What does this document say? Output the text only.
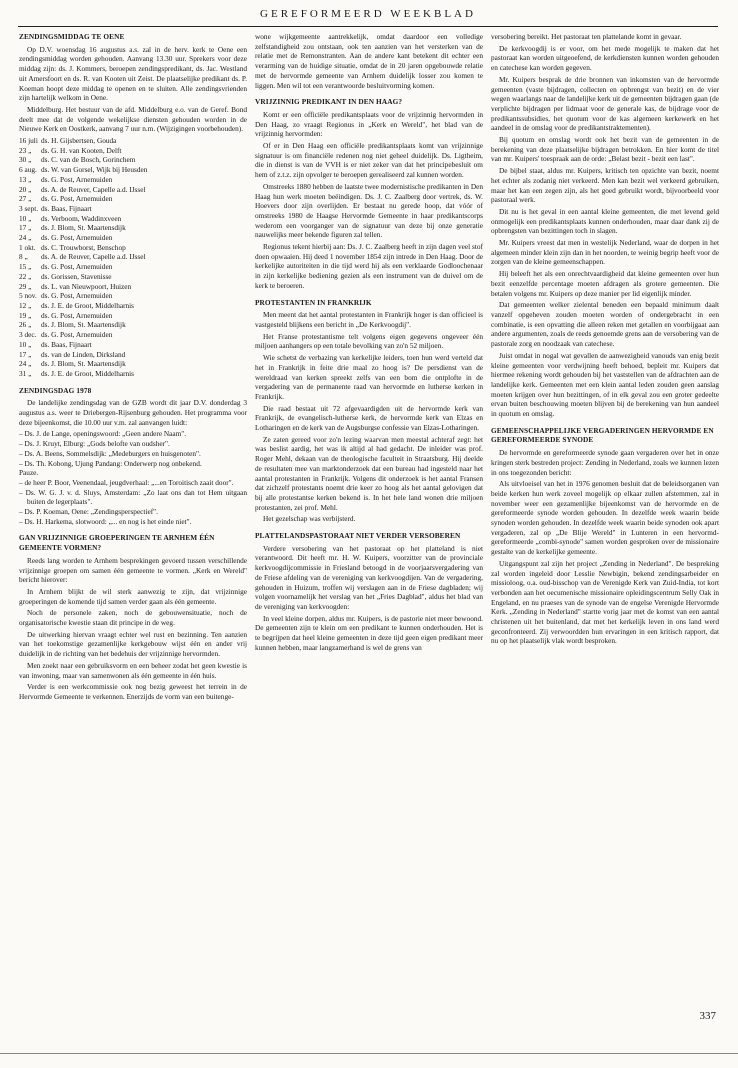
GEREFORMEERD WEEKBLAD
ZENDINGSMIDDAG TE OENE

Op D.V. woensdag 16 augustus a.s. zal in de herv. kerk te Oene een zendingsmiddag worden gehouden. Aanvang 13.30 uur. Sprekers voor deze middag zijn: ds. J. Kommers, beroepen zendingspredikant, ds. Jac. Westland uit Amersfoort en ds. R. van Kooten uit Zeist. De plaatselijke predikant ds. P. Koeman hoopt deze middag te openen en te sluiten. Alle zendingsvrienden zijn hartelijk welkom in Oene.

Middelburg. Het bestuur van de afd. Middelburg e.o. van de Geref. Bond deelt mee dat de volgende wekelijkse diensten gehouden worden in de Nieuwe Kerk en Oostkerk, aanvang 7 uur n.m. (Wijzigingen voorbehouden).

16 juli ds. H. Gijsbertsen, Gouda
23 „	ds. G. H. van Kooten, Delft
30 „	ds. C. van de Bosch, Gorinchem
6 aug. ds. W. van Gorsel, Wijk bij Heusden
13 „	ds. G. Post, Arnemuiden
20 „	ds. A. de Reuver, Capelle a.d. IJssel
27 „	ds. G. Post, Arnemuiden
3 sept. ds. Baas, Fijnaart
10 „	ds. Verboom, Waddinxveen
17 „	ds. J. Blom, St. Maartensdijk
24 „	ds. G. Post, Arnemuiden
1 okt. ds. C. Trouwborst, Benschop
8 „	ds. A. de Reuver, Capelle a.d. IJssel
15 „	ds. G. Post, Arnemuiden
22 „	ds. Gorissen, Stavenisse
29 „	ds. L. van Nieuwpoort, Huizen
5 nov. ds. G. Post, Arnemuiden
12 „	ds. J. E. de Groot, Middelharnis
19 „	ds. G. Post, Arnemuiden
26 „	ds. J. Blom, St. Maartensdijk
3 dec. ds. G. Post, Arnemuiden
10 „	ds. Baas, Fijnaart
17 „	ds. van de Linden, Dirksland
24 „	ds. J. Blom, St. Maartensdijk
31 „	ds. J. E. de Groot, Middelharnis
ZENDINGSDAG 1978

De landelijke zendingsdag van de GZB wordt dit jaar D.V. donderdag 3 augustus a.s. weer te Driebergen-Rijsenburg gehouden. Het programma voor deze bijeenkomst, die 10.00 uur v.m. zal aanvangen luidt:

– Ds. J. de Lange, openingswoord: „Geen andere Naam".
– Ds. J. Kruyt, Elburg: „Gods belofte van oudsher".
– Ds. A. Beens, Sommelsdijk: „Medeburgers en huisgenoten".
– Ds. Th. Kobong, Ujung Pandang: Onderwerp nog onbekend.
Pauze.
– de heer P. Boor, Veenendaal, jeugdverhaal: „...en Toroitisch zaait door".
– Ds. W. G. J. v. d. Sluys, Amsterdam: „Zo laat ons dan tot Hem uitgaan buiten de legerplaats".
– Ds. P. Koeman, Oene: „Zendingsperspectief".
– Ds. H. Harkema, slotwoord: „... en nog is het einde niet".
GAN VRIJZINNIGE GROEPERINGEN TE ARNHEM ÉÉN GEMEENTE VORMEN?

Reeds lang worden te Arnhem besprekingen gevoerd tussen verschillende vrijzinnige groepen om samen één gemeente te vormen. „Kerk en Wereld" bericht hierover:

In Arnhem blijkt de wil sterk aanwezig te zijn, dat vrijzinnige groeperingen de komende tijd samen verder gaan als één gemeente.

Noch de personele zaken, noch de gebouwensituatie, noch de organisatorische kwestie staan dit principe in de weg.

De uitwerking hiervan vraagt echter wel rust en bezinning. Ten aanzien van het toekomstige gezamenlijke kerkgebouw wijst één en ander vrij duidelijk in de richting van het bedehuis der vrijzinnige hervormden.

Men zoekt naar een gebruiksvorm en een beheer zodat het geen kwestie is van inwoning, maar van samenwonen als één gemeente in één huis.

Verder is een werkcommissie ook nog bezig geweest het terrein in de Hervormde Gemeente te verkennen. Enerzijds de vorm van een buitenge-

wone wijkgemeente aantrekkelijk, omdat daardoor een volledige zelfstandigheid zou ontstaan, ook ten aanzien van het versterken van de relatie met de Remonstranten. Aan de andere kant betekent dit echter een verarming van de huidige situatie, omdat de in 20 jaren opgebouwde relatie met de hervormde gemeente van Arnhem duidelijk losser zou komen te liggen. Men wil tot een verantwoorde besluitvorming komen.

VRIJZINNIG PREDIKANT IN DEN HAAG?

Komt er een officiële predikantsplaats voor de vrijzinnig hervormden in Den Haag, zo vraagt Regionus in „Kerk en Wereld", het blad van de vrijzinnig hervormden:

Of er in Den Haag een officiële predikantsplaats komt van vrijzinnige signatuur is om financiële redenen nog niet geheel duidelijk. Ds. Ligtheim, die in dienst is van de VVH is er niet zeker van dat het principebesluit om hem of z.t.z. zijn opvolger te beroepen gerealiseerd zal kunnen worden.

Omstreeks 1880 hebben de laatste twee modernistische predikanten in Den Haag hun werk moeten beëindigen. Ds. J. C. Zaalberg door vertrek, ds. W. Hoevers door zijn overlijden. Er bestaat nu gerede hoop, dat vóór of omstreeks 1980 de Haagse Hervormde Gemeente in haar predikantscorps wederom een voorganger van de signatuur van deze bij onze generatie nauwelijks meer bekende figuren zal tellen.

Regionus tekent hierbij aan: Ds. J. C. Zaalberg heeft in zijn dagen veel stof doen opwaaien. Hij deed 1 november 1854 zijn intrede in Den Haag. Door de kerkelijke autoriteiten in die tijd werd hij als een verklaarde Godloochenaar in zijn kerkelijke bediening gezien als een instrument van de duivel om de kerk te beroeren.

PROTESTANTEN IN FRANKRIJK

Men meent dat het aantal protestanten in Frankrijk hoger is dan officieel is vastgesteld blijkens een bericht in „De Kerkvoogdij".

Het Franse protestantisme telt volgens eigen gegevens ongeveer één miljoen aanhangers op een totale bevolking van zo'n 52 miljoen.

Wie schetst de verbazing van kerkelijke leiders, toen hun werd verteld dat het in Frankrijk in feite drie maal zo hoog is? De persdienst van de wereldraad van kerken spreekt zelfs van een bom die ontplofte in de vergadering van de permanente raad van hervormde en lutherse kerken in Frankrijk.

Die raad bestaat uit 72 afgevaardigden uit de hervormde kerk van Frankrijk, de evangelisch-lutherse kerk, de hervormde kerk van Elzas en Lotharingen en de kerk van de Augsburgse confessie van Elzas-Lotharingen.

Ze zaten gereed voor zo'n lezing waarvan men meestal achteraf zegt: het was beslist aardig, het was ik altijd al had gedacht. De inleider was prof. Roger Mehl, dekaan van de theologische faculteit in Straatsburg. Hij deelde de resultaten mee van marktonderzoek dat een bureau had ingesteld naar het aantal protestanten in Frankrijk. Volgens dit onderzoek is het aantal Fransen dat zichzelf protestants noemt drie keer zo hoog als het aantal gelovigen dat bij alle protestantse kerken bekend is. In het hele land wonen drie miljoen protestanten, zei prof. Mehl.

Het gezelschap was verbijsterd.

PLATTELANDSPASTORAAT NIET VERDER VERSOBEREN

Verdere versobering van het pastoraat op het platteland is niet verantwoord. Dit heeft mr. H. W. Kuipers, voorzitter van de provinciale kerkvoogdijcommissie in Friesland betoogd in de voorjaarsvergadering van de Friese afdeling van de vereniging van kerkvoogdijen. Van de vergadering, gehouden in Huizum, troffen wij verslagen aan in de Friese dagbladen; wij volgen voornamelijk het verslag van het „Fries Dagblad", aldus het blad van de vereniging van kerkvoogden:

In veel kleine dorpen, aldus mr. Kuipers, is de pastorie niet meer bewoond. De gemeenten zijn te klein om een predikant te kunnen onderhouden. Het is te begrijpen dat heel kleine gemeenten in deze tijd geen eigen predikant meer kunnen hebben, maar langzamerhand is wel de grens van

versobering bereikt. Het pastoraat ten plattelande komt in gevaar.

De kerkvoogdij is er voor, om het mede mogelijk te maken dat het pastoraat kan worden uitgeoefend, de kerkdiensten kunnen worden gehouden en catechese kan worden gegeven.

Mr. Kuipers besprak de drie bronnen van inkomsten van de hervormde gemeenten (vaste bijdragen, collecten en opbrengst van bezit) en de vier wegen waarlangs naar de landelijke kerk uit de gemeenten bijdragen gaan (de verplichte bijdragen per lidmaat voor de generale kas, de bijdrage voor de predikantssubsidies, het quotum voor de kas algemeen kerkewerk en het aandeel in de omslag voor de predikantstraktementen).

Bij quotum en omslag wordt ook het bezit van de gemeenten in de berekening van deze plaatselijke bijdragen betrokken. En hier komt de titel van mr. Kuipers' toespraak aan de orde: „Belast bezit - bezit een last".

De bijbel staat, aldus mr. Kuipers, kritisch ten opzichte van bezit, noemt het echter als zodanig niet verkeerd. Men kan bezit wel verkeerd gebruiken, maar het kan een zegen zijn, als het goed gebruikt wordt, bijvoorbeeld voor pastoraal werk.

Dit nu is het geval in een aantal kleine gemeenten, die met levend geld onmogelijk een predikantsplaats kunnen onderhouden, maar daar dank zij de opbrengsten van bezittingen toch in slagen.

Mr. Kuipers vreest dat men in westelijk Nederland, waar de dorpen in het algemeen minder klein zijn dan in het noorden, te weinig begrip heeft voor de zorgen van de kleine gemeenschappen.

Hij beleeft het als een onrechtvaardigheid dat kleine gemeenten over hun bezit eenzelfde percentage moeten afdragen als grotere gemeenten. Die betalen volgens mr. Kuipers op deze manier per lid eigenlijk minder.

Dat gemeenten welker zielental beneden een bepaald minimum daalt vanzelf opgeheven zouden moeten worden of ondergebracht in een combinatie, is een opvatting die alleen reken met getallen en voorbijgaat aan andere argumenten, zoals de reeds genoemde grens aan de versobering van de pastorale zorg en noodzaak van catechese.

Juist omdat in nogal wat gevallen de aanwezigheid vanouds van enig bezit kleine gemeenten voor verdwijning heeft behoed, bepleit mr. Kuipers dat hiermee rekening wordt gehouden bij het vaststellen van de afdrachten aan de landelijke kerk. Gemeenten met een klein aantal leden zouden geen aanslag moeten krijgen over hun bezittingen, of in elk geval zou een groter gedeelte ervan buiten beschouwing moeten blijven bij de berekening van hun aandeel in quotum en omslag.

GEMEENSCHAPPELIJKE VERGADERINGEN HERVORMDE EN GEREFORMEERDE SYNODE

De hervormde en gereformeerde synode gaan vergaderen over het in onze kringen sterk bestreden project: Zending in Nederland, zoals we kunnen lezen in ons toegezonden bericht:

Als uitvloeisel van het in 1976 genomen besluit dat de beleidsorganen van beide kerken hun werk zoveel mogelijk op elkaar zullen afstemmen, zal in november weer een gezamenlijke bijeenkomst van de hervormde en de gereformeerde synode worden gehouden. In dezelfde week waarin beide synoden worden gehouden. In dezelfde week waarin beide synoden ook apart vergaderen, zal op „De Blije Wereld" in Lunteren in een hervormd-gereformeerde „combi-synode" samen worden gesproken over de missionaire gestalte van de kerkelijke gemeente.

Uitgangspunt zal zijn het project „Zending in Nederland". De bespreking zal worden ingeleid door Lesslie Newbigin, bekend zendingsarbeider en missioloog, o.a. oud-bisschop van de Verenigde Kerk van Zuid-India, tot kort verbonden aan het oecumenische missionaire opleidingscentrum Selly Oak in Engeland, en nu praeses van de synode van de engelse Verenigde Hervormde Kerk. „Zending in Nederland" startte vorig jaar met de komst van een aantal christenen uit het buitenland, dat met het kerkelijk leven in ons land werd geconfronteerd. Zij verwoordden hun ervaringen in een kritisch rapport, dat nu op het plaatselijk vlak wordt besproken.

337
